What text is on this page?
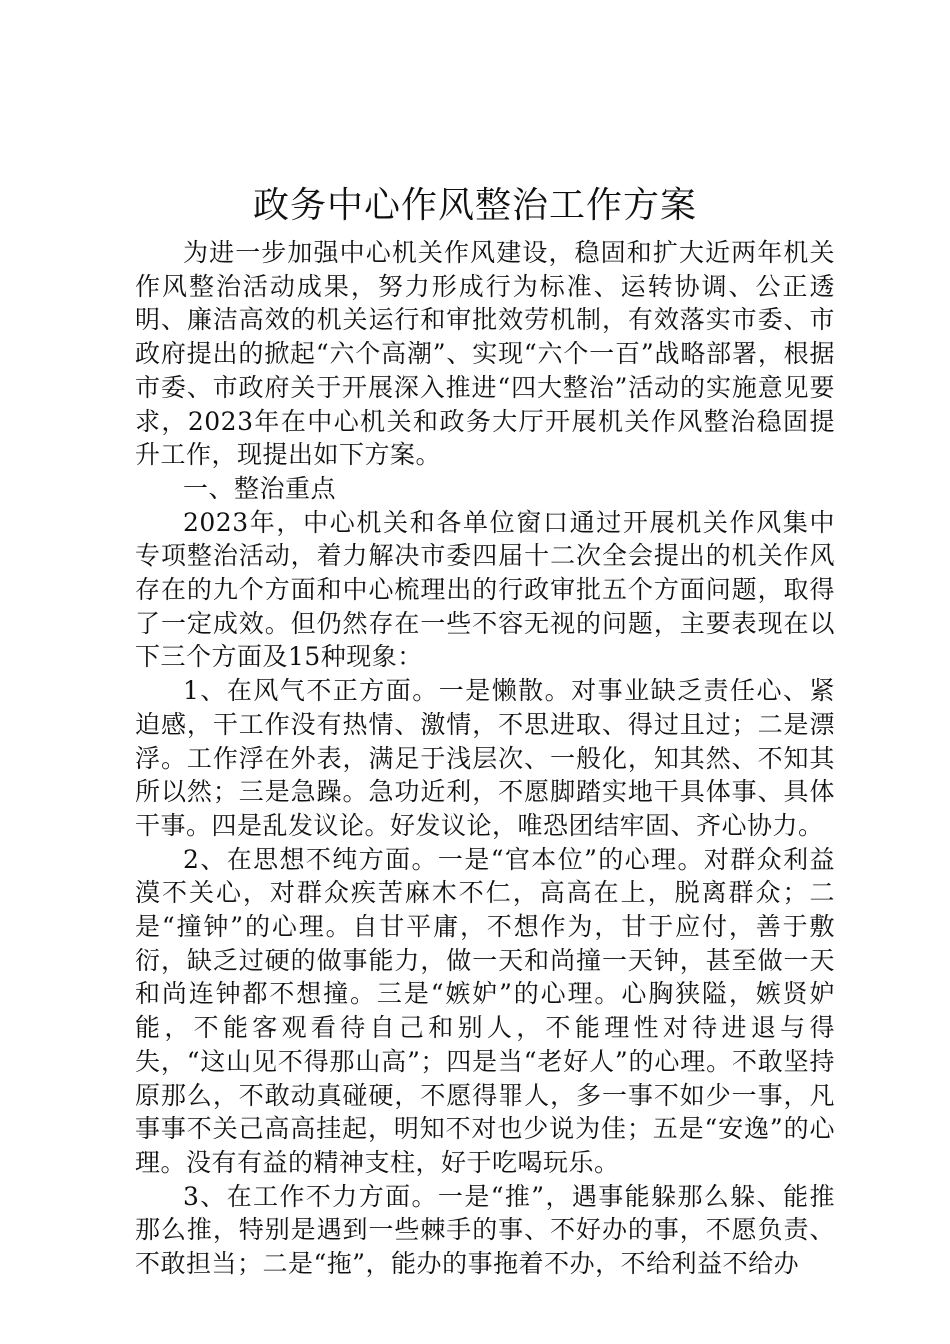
政务中心作风整治工作方案

为进一步加强中心机关作风建设，稳固和扩大近两年机关作风整治活动成果，努力形成行为标准、运转协调、公正透明、廉洁高效的机关运行和审批效劳机制，有效落实市委、市政府提出的掀起“六个高潮”、实现“六个一百”战略部署，根据市委、市政府关于开展深入推进“四大整治”活动的实施意见要求，2023年在中心机关和政务大厅开展机关作风整治稳固提升工作，现提出如下方案。

一、整治重点

2023年，中心机关和各单位窗口通过开展机关作风集中专项整治活动，着力解决市委四届十二次全会提出的机关作风存在的九个方面和中心梳理出的行政审批五个方面问题，取得了一定成效。但仍然存在一些不容无视的问题，主要表现在以下三个方面及15种现象：

1、在风气不正方面。一是懒散。对事业缺乏责任心、紧迫感，干工作没有热情、激情，不思进取、得过且过；二是漂浮。工作浮在外表，满足于浅层次、一般化，知其然、不知其所以然；三是急躁。急功近利，不愿脚踏实地干具体事、具体干事。四是乱发议论。好发议论，唯恐团结牢固、齐心协力。

2、在思想不纯方面。一是“官本位”的心理。对群众利益漠不关心，对群众疾苦麻木不仁，高高在上，脱离群众；二是“撞钟”的心理。自甘平庸，不想作为，甘于应付，善于敷衍，缺乏过硬的做事能力，做一天和尚撞一天钟，甚至做一天和尚连钟都不想撞。三是“嫉妒”的心理。心胸狭隘，嫉贤妒能，不能客观看待自己和别人，不能理性对待进退与得失，“这山见不得那山高”；四是当“老好人”的心理。不敢坚持原那么，不敢动真碰硬，不愿得罪人，多一事不如少一事，凡事事不关己高高挂起，明知不对也少说为佳；五是“安逸”的心理。没有有益的精神支柱，好于吃喝玩乐。

3、在工作不力方面。一是“推”，遇事能躲那么躲、能推那么推，特别是遇到一些棘手的事、不好办的事，不愿负责、不敢担当；二是“拖”，能办的事拖着不办，不给利益不给办
